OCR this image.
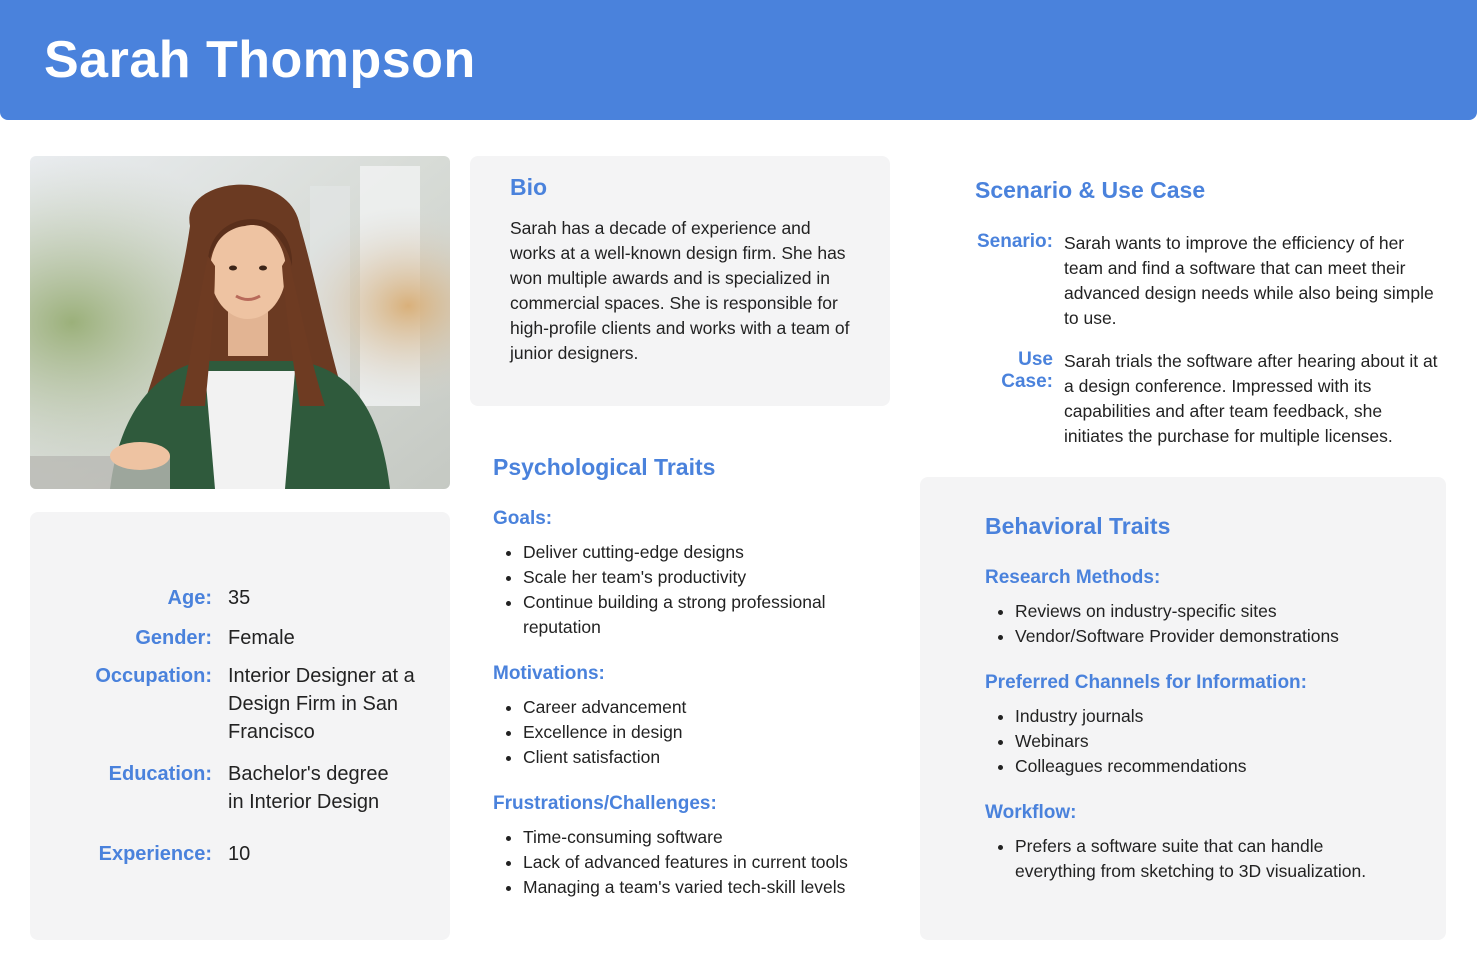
Sarah Thompson
Age: 35
Gender: Female
Occupation: Interior Designer at a Design Firm in San Francisco
Education: Bachelor's degree in Interior Design
Experience: 10
Bio

Sarah has a decade of experience and works at a well-known design firm. She has won multiple awards and is specialized in commercial spaces. She is responsible for high-profile clients and works with a team of junior designers.

Psychological Traits
Goals:
• Deliver cutting-edge designs
• Scale her team's productivity
• Continue building a strong professional reputation
Motivations:
• Career advancement
• Excellence in design
• Client satisfaction
Frustrations/Challenges:
• Time-consuming software
• Lack of advanced features in current tools
• Managing a team's varied tech-skill levels
Scenario & Use Case
Senario: Sarah wants to improve the efficiency of her team and find a software that can meet their advanced design needs while also being simple to use.

Use Case:

Sarah trials the software after hearing about it at a design conference. Impressed with its capabilities and after team feedback, she initiates the purchase for multiple licenses.

Behavioral Traits
Research Methods:
• Reviews on industry-specific sites
• Vendor/Software Provider demonstrations
Preferred Channels for Information:
• Industry journals
• Webinars
• Colleagues recommendations
Workflow:
• Prefers a software suite that can handle everything from sketching to 3D visualization.
